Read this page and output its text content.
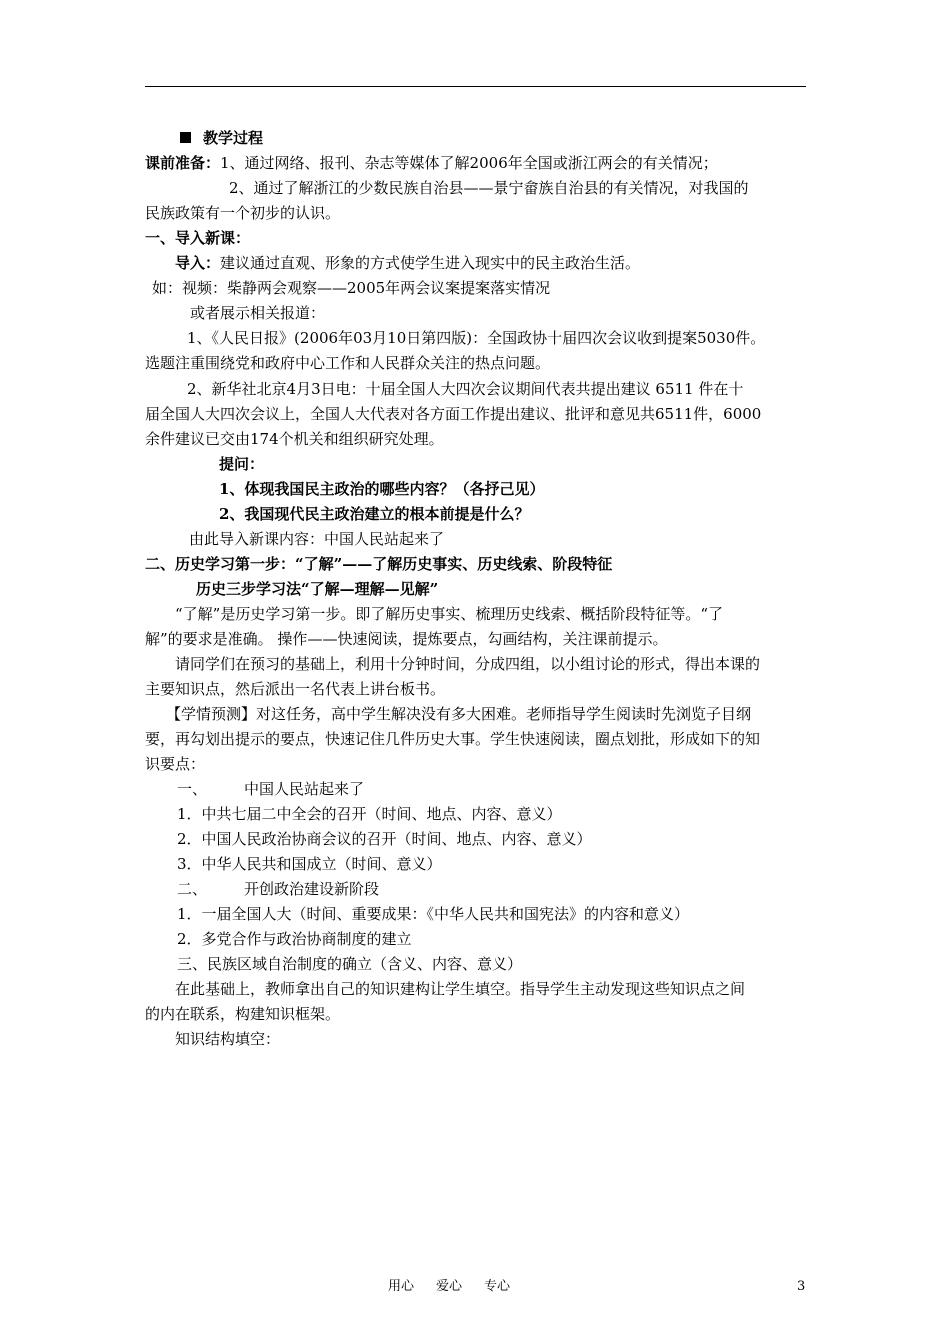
教学过程
课前准备：1、通过网络、报刊、杂志等媒体了解2006年全国或浙江两会的有关情况；
2、通过了解浙江的少数民族自治县——景宁畲族自治县的有关情况，对我国的
民族政策有一个初步的认识。
一、导入新课：
导入：建议通过直观、形象的方式使学生进入现实中的民主政治生活。
如：视频：柴静两会观察——2005年两会议案提案落实情况
或者展示相关报道：
1、《人民日报》(2006年03月10日第四版)：全国政协十届四次会议收到提案5030件。
选题注重围绕党和政府中心工作和人民群众关注的热点问题。
2、新华社北京4月3日电：十届全国人大四次会议期间代表共提出建议 6511 件在十
届全国人大四次会议上，全国人大代表对各方面工作提出建议、批评和意见共6511件，6000
余件建议已交由174个机关和组织研究处理。
提问：
1、体现我国民主政治的哪些内容？（各抒己见）
2、我国现代民主政治建立的根本前提是什么？
由此导入新课内容：中国人民站起来了
二、历史学习第一步：“了解”——了解历史事实、历史线索、阶段特征
历史三步学习法“了解—理解—见解”
“了解”是历史学习第一步。即了解历史事实、梳理历史线索、概括阶段特征等。“了
解”的要求是准确。 操作——快速阅读，提炼要点，勾画结构，关注课前提示。
请同学们在预习的基础上，利用十分钟时间，分成四组，以小组讨论的形式，得出本课的
主要知识点，然后派出一名代表上讲台板书。
【学情预测】对这任务，高中学生解决没有多大困难。老师指导学生阅读时先浏览子目纲
要，再勾划出提示的要点，快速记住几件历史大事。学生快速阅读，圈点划批，形成如下的知
识要点：
一、 中国人民站起来了
1．中共七届二中全会的召开（时间、地点、内容、意义）
2．中国人民政治协商会议的召开（时间、地点、内容、意义）
3．中华人民共和国成立（时间、意义）
二、 开创政治建设新阶段
1．一届全国人大（时间、重要成果：《中华人民共和国宪法》的内容和意义）
2．多党合作与政治协商制度的建立
三、民族区域自治制度的确立（含义、内容、意义）
在此基础上，教师拿出自己的知识建构让学生填空。指导学生主动发现这些知识点之间
的内在联系，构建知识框架。
知识结构填空：
用心 爱心 专心	3
